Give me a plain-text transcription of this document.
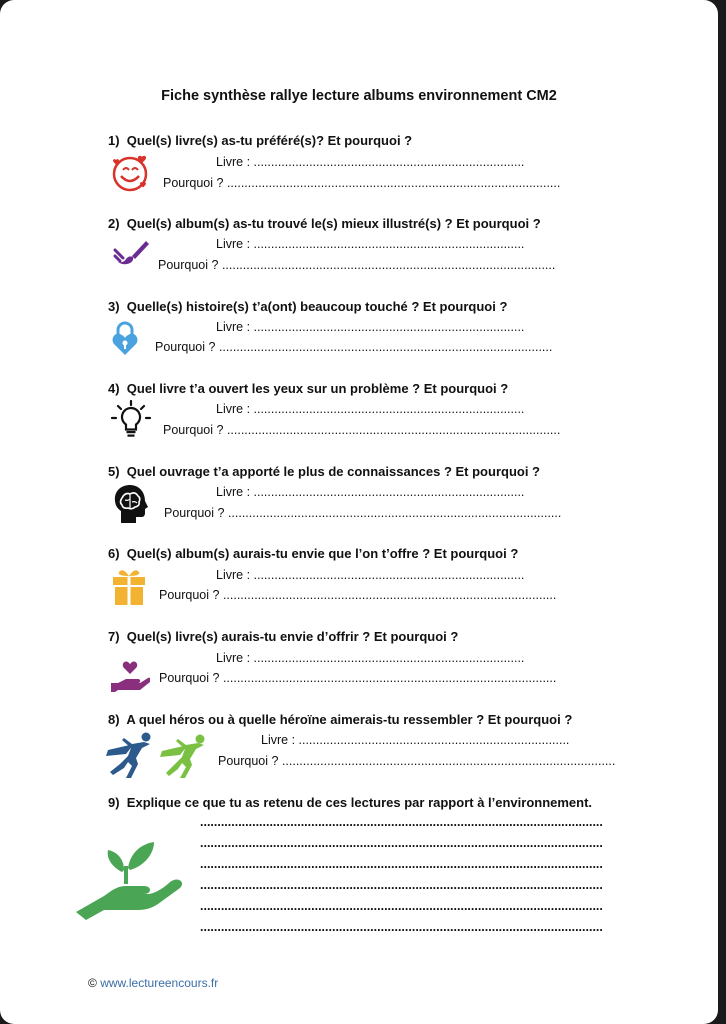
Fiche synthèse rallye lecture albums environnement CM2
1) Quel(s) livre(s) as-tu préféré(s)? Et pourquoi ?
Livre : ..............................................................................
Pourquoi ? ................................................................................................
2) Quel(s) album(s) as-tu trouvé le(s) mieux illustré(s) ? Et pourquoi ?
Livre : ..............................................................................
Pourquoi ? ................................................................................................
3) Quelle(s) histoire(s) t’a(ont) beaucoup touché ? Et pourquoi ?
Livre : ..............................................................................
Pourquoi ? ................................................................................................
4) Quel livre t’a ouvert les yeux sur un problème ? Et pourquoi ?
Livre : ..............................................................................
Pourquoi ? ................................................................................................
5) Quel ouvrage t’a apporté le plus de connaissances ? Et pourquoi ?
Livre : ..............................................................................
Pourquoi ? ................................................................................................
6) Quel(s) album(s) aurais-tu envie que l’on t’offre ? Et pourquoi ?
Livre : ..............................................................................
Pourquoi ? ................................................................................................
7) Quel(s) livre(s) aurais-tu envie d’offrir ? Et pourquoi ?
Livre : ..............................................................................
Pourquoi ? ................................................................................................
8) A quel héros ou à quelle héroïne aimerais-tu ressembler ? Et pourquoi ?
Livre : ..............................................................................
Pourquoi ? ................................................................................................
9) Explique ce que tu as retenu de ces lectures par rapport à l’environnement.
....................................................................................................................
....................................................................................................................
....................................................................................................................
....................................................................................................................
....................................................................................................................
....................................................................................................................
© www.lectureencours.fr
